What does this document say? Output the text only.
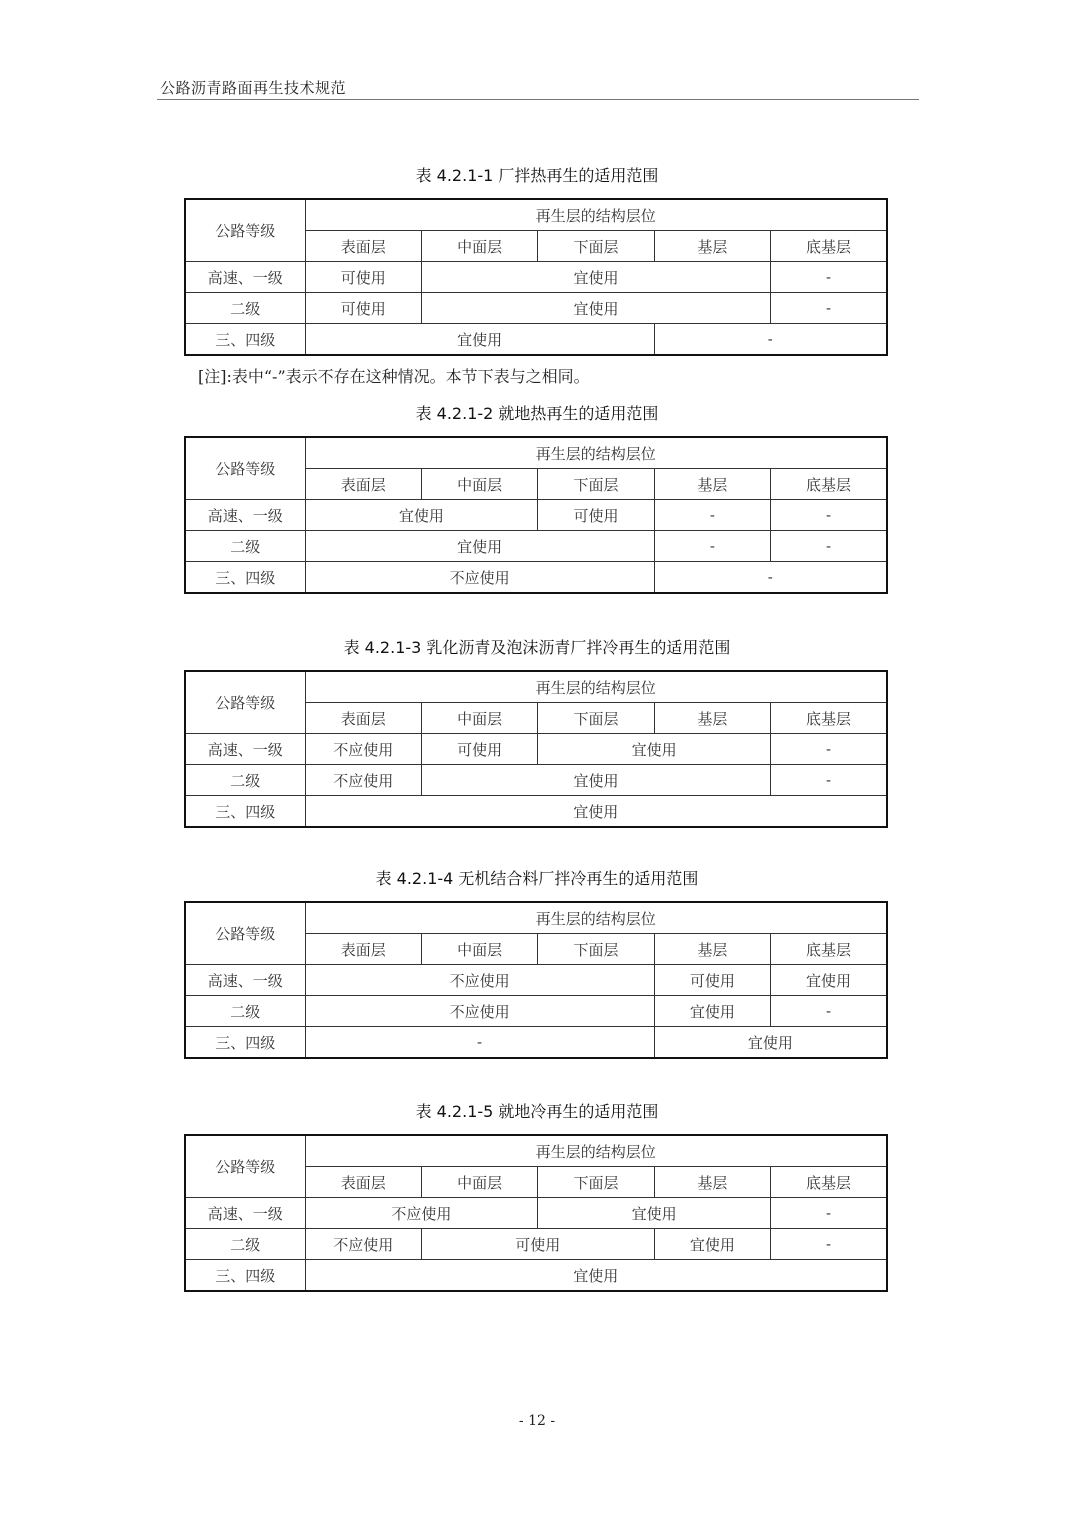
公路沥青路面再生技术规范
表 4.2.1-1 厂拌热再生的适用范围
公路等级	再生层的结构层位				
	表面层	中面层	下面层	基层	底基层
高速、一级	可使用	宜使用			-
二级	可使用	宜使用			-
三、四级	宜使用			-	
[注]:表中“-”表示不存在这种情况。本节下表与之相同。
表 4.2.1-2 就地热再生的适用范围
公路等级	再生层的结构层位				
	表面层	中面层	下面层	基层	底基层
高速、一级	宜使用		可使用	-	-
二级	宜使用			-	-
三、四级	不应使用			-	
表 4.2.1-3 乳化沥青及泡沫沥青厂拌冷再生的适用范围
公路等级	再生层的结构层位				
	表面层	中面层	下面层	基层	底基层
高速、一级	不应使用	可使用	宜使用		-
二级	不应使用	宜使用			-
三、四级	宜使用				
表 4.2.1-4 无机结合料厂拌冷再生的适用范围
公路等级	再生层的结构层位				
	表面层	中面层	下面层	基层	底基层
高速、一级	不应使用			可使用	宜使用
二级	不应使用			宜使用	-
三、四级	-			宜使用	
表 4.2.1-5 就地冷再生的适用范围
公路等级	再生层的结构层位				
	表面层	中面层	下面层	基层	底基层
高速、一级	不应使用		宜使用		-
二级	不应使用	可使用		宜使用	-
三、四级	宜使用				
- 12 -
